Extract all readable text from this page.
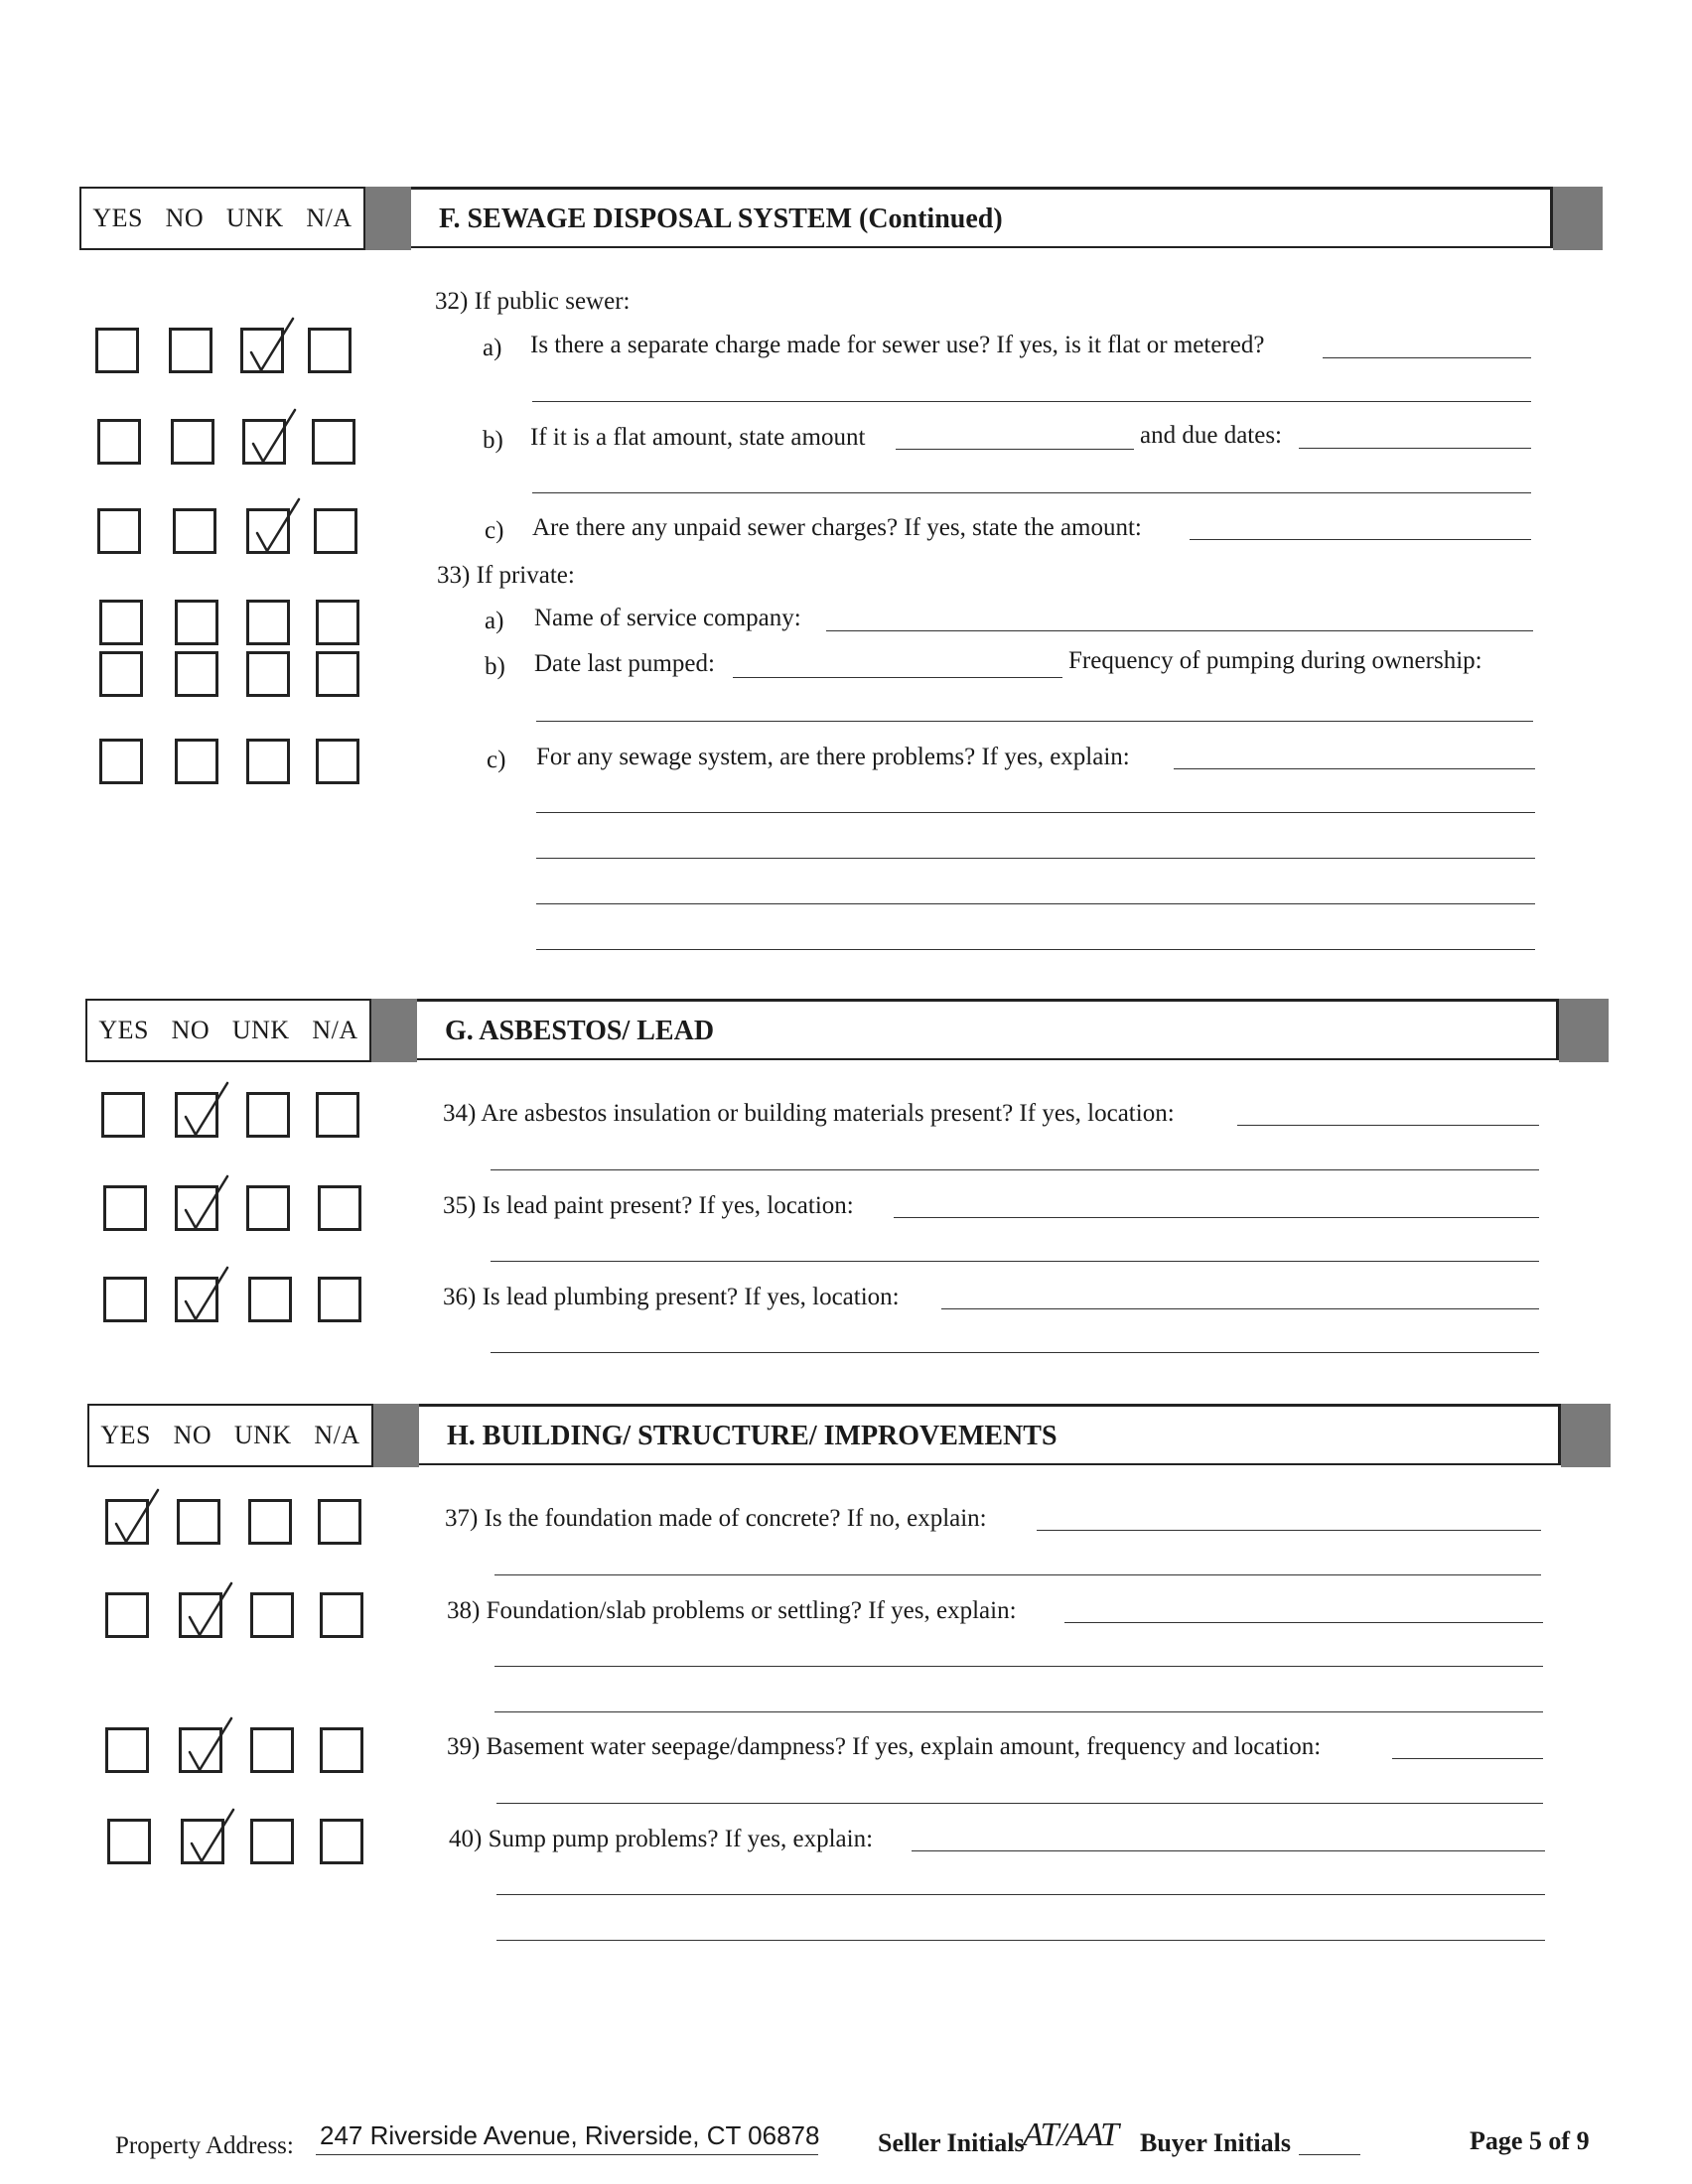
YES NO UNK N/A	F. SEWAGE DISPOSAL SYSTEM (Continued)
32) If public sewer:
a) Is there a separate charge made for sewer use? If yes, is it flat or metered?
b) If it is a flat amount, state amount	and due dates:
c) Are there any unpaid sewer charges? If yes, state the amount:
33) If private:
a) Name of service company:
b) Date last pumped:	Frequency of pumping during ownership:
c) For any sewage system, are there problems? If yes, explain:
YES NO UNK N/A	G. ASBESTOS/ LEAD
34) Are asbestos insulation or building materials present? If yes, location:
35) Is lead paint present? If yes, location:
36) Is lead plumbing present? If yes, location:
YES NO UNK N/A	H. BUILDING/ STRUCTURE/ IMPROVEMENTS
37) Is the foundation made of concrete? If no, explain:
38) Foundation/slab problems or settling? If yes, explain:
39) Basement water seepage/dampness? If yes, explain amount, frequency and location:
40) Sump pump problems? If yes, explain:
Property Address: 247 Riverside Avenue, Riverside, CT 06878 Seller Initials
AT/AAT Buyer Initials	Page 5 of 9
